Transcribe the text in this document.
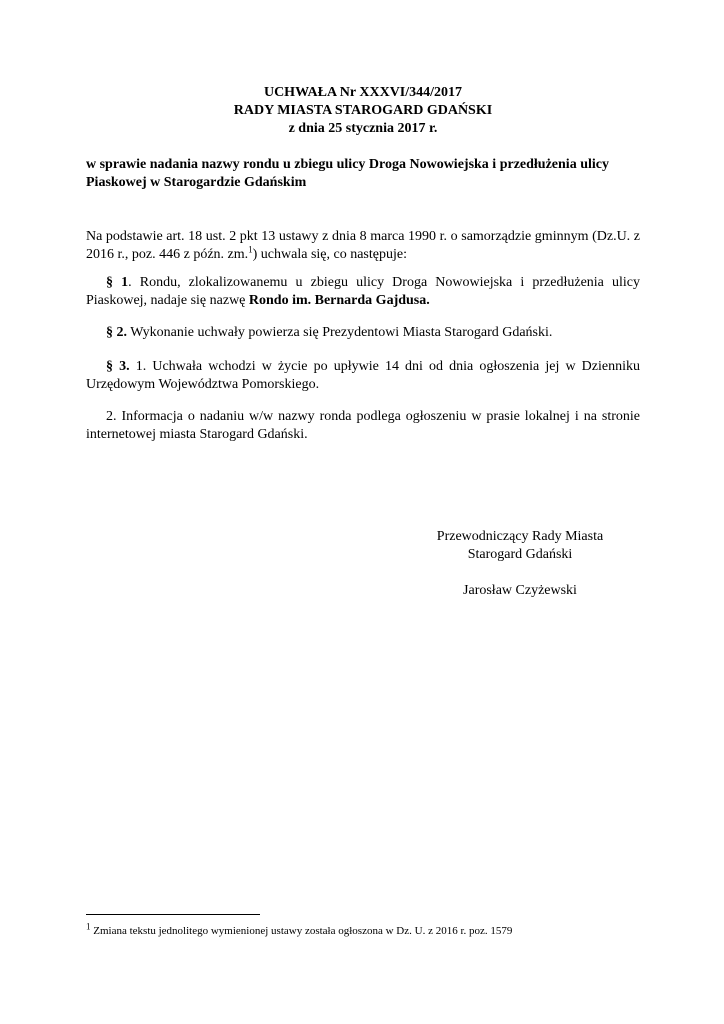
UCHWAŁA Nr XXXVI/344/2017
RADY MIASTA STAROGARD GDAŃSKI
z dnia 25 stycznia 2017 r.
w sprawie nadania nazwy rondu u zbiegu ulicy Droga Nowowiejska i przedłużenia ulicy Piaskowej w Starogardzie Gdańskim
Na podstawie art. 18 ust. 2 pkt 13 ustawy z dnia 8 marca 1990 r. o samorządzie gminnym (Dz.U. z 2016 r., poz. 446 z późn. zm.$^1$) uchwala się, co następuje:
§ 1. Rondu, zlokalizowanemu u zbiegu ulicy Droga Nowowiejska i przedłużenia ulicy Piaskowej, nadaje się nazwę Rondo im. Bernarda Gajdusa.
§ 2. Wykonanie uchwały powierza się Prezydentowi Miasta Starogard Gdański.
§ 3. 1. Uchwała wchodzi w życie po upływie 14 dni od dnia ogłoszenia jej w Dzienniku Urzędowym Województwa Pomorskiego.
2. Informacja o nadaniu w/w nazwy ronda podlega ogłoszeniu w prasie lokalnej i na stronie internetowej miasta Starogard Gdański.
Przewodniczący Rady Miasta
Starogard Gdański
Jarosław Czyżewski
$^1$ Zmiana tekstu jednolitego wymienionej ustawy została ogłoszona w Dz. U. z 2016 r. poz. 1579
